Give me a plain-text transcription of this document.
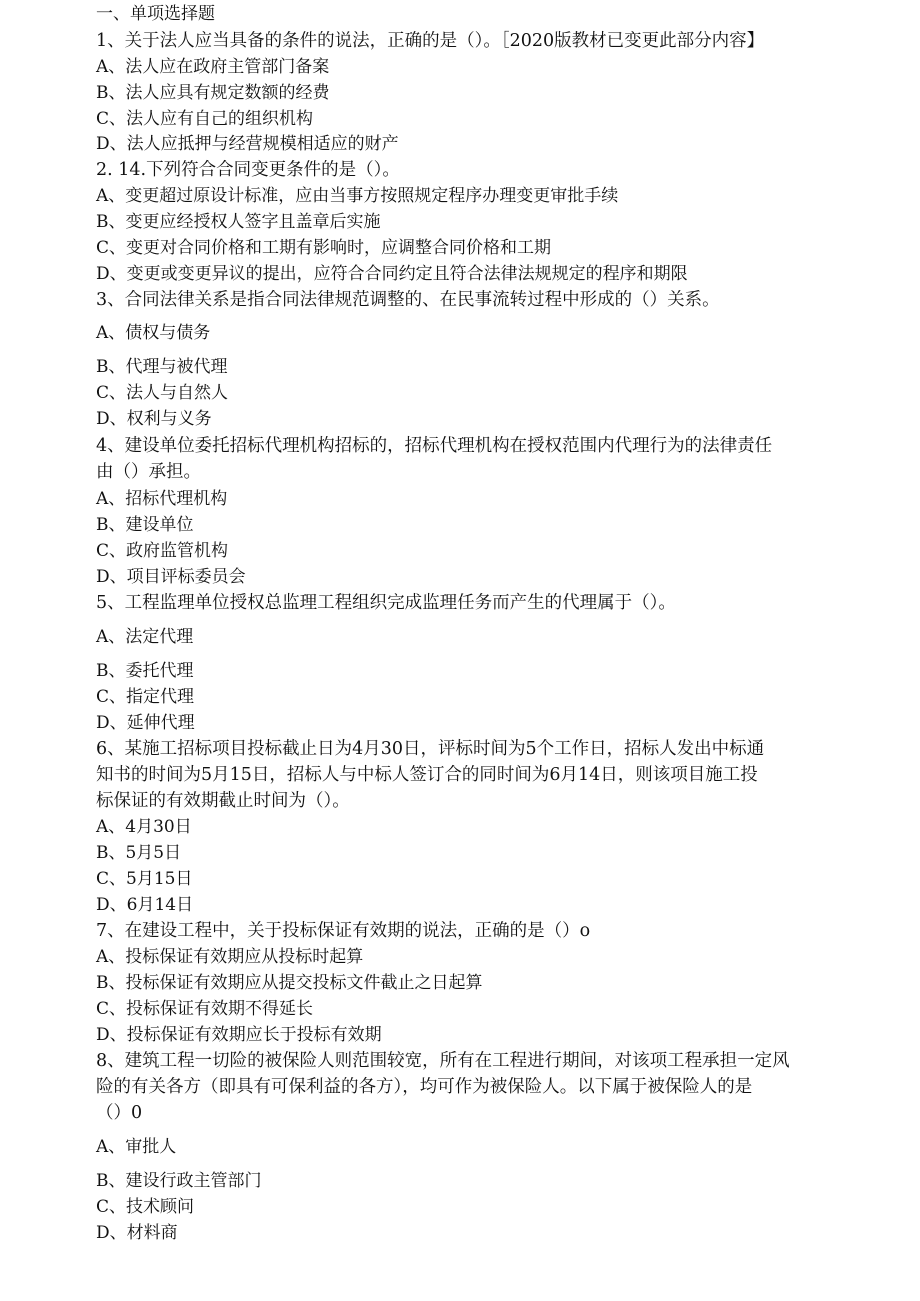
一、单项选择题
1、关于法人应当具备的条件的说法，正确的是（）。［2020版教材已变更此部分内容】
A、法人应在政府主管部门备案
B、法人应具有规定数额的经费
C、法人应有自己的组织机构
D、法人应抵押与经营规模相适应的财产
2. 14.下列符合合同变更条件的是（）。
A、变更超过原设计标准，应由当事方按照规定程序办理变更审批手续
B、变更应经授权人签字且盖章后实施
C、变更对合同价格和工期有影响时，应调整合同价格和工期
D、变更或变更异议的提出，应符合合同约定且符合法律法规规定的程序和期限
3、合同法律关系是指合同法律规范调整的、在民事流转过程中形成的（）关系。
A、债权与债务
B、代理与被代理
C、法人与自然人
D、权利与义务
4、建设单位委托招标代理机构招标的，招标代理机构在授权范围内代理行为的法律责任
由（）承担。
A、招标代理机构
B、建设单位
C、政府监管机构
D、项目评标委员会
5、工程监理单位授权总监理工程组织完成监理任务而产生的代理属于（）。
A、法定代理
B、委托代理
C、指定代理
D、延伸代理
6、某施工招标项目投标截止日为4月30日，评标时间为5个工作日，招标人发出中标通
知书的时间为5月15日，招标人与中标人签订合的同时间为6月14日，则该项目施工投
标保证的有效期截止时间为（）。
A、4月30日
B、5月5日
C、5月15日
D、6月14日
7、在建设工程中，关于投标保证有效期的说法，正确的是（）o
A、投标保证有效期应从投标时起算
B、投标保证有效期应从提交投标文件截止之日起算
C、投标保证有效期不得延长
D、投标保证有效期应长于投标有效期
8、建筑工程一切险的被保险人则范围较宽，所有在工程进行期间，对该项工程承担一定风
险的有关各方（即具有可保利益的各方），均可作为被保险人。以下属于被保险人的是
（）0
A、审批人
B、建设行政主管部门
C、技术顾问
D、材料商
